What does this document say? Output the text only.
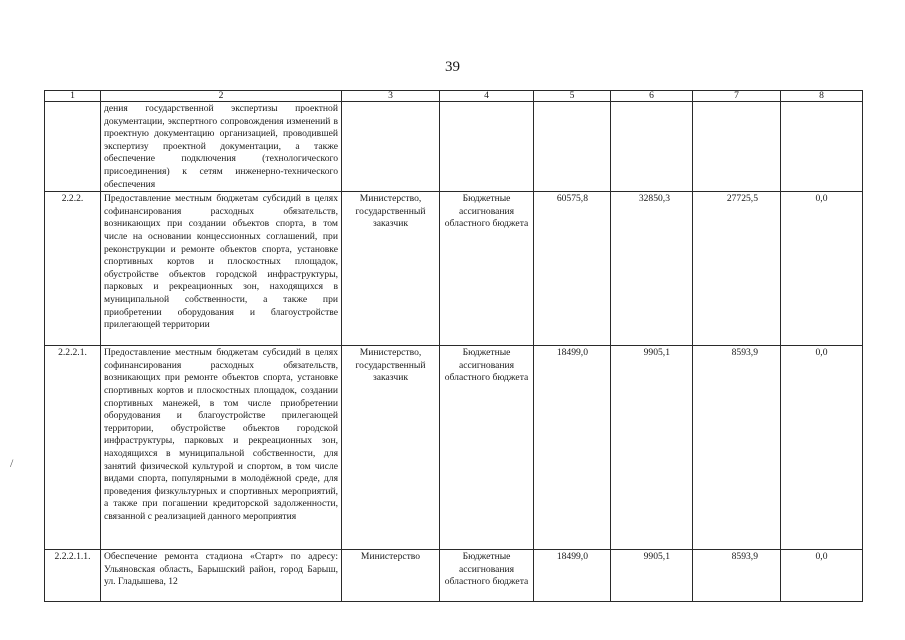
39
/
1	2	3	4	5	6	7	8
	дения государственной экспертизы проектной документации, экспертного сопровождения изменений в проектную документацию организацией, проводившей экспертизу проектной документации, а также обеспечение подключения (технологического присоединения) к сетям инженерно-технического обеспечения						
2.2.2.	Предоставление местным бюджетам субсидий в целях софинансирования расходных обязательств, возникающих при создании объектов спорта, в том числе на основании концессионных соглашений, при реконструкции и ремонте объектов спорта, установке спортивных кортов и плоскостных площадок, обустройстве объектов городской инфраструктуры, парковых и рекреационных зон, находящихся в муниципальной собственности, а также при приобретении оборудования и благоустройстве прилегающей территории	Министерство, государственный заказчик	Бюджетные ассигнования областного бюджета	60575,8	32850,3	27725,5	0,0
2.2.2.1.	Предоставление местным бюджетам субсидий в целях софинансирования расходных обязательств, возникающих при ремонте объектов спорта, установке спортивных кортов и плоскостных площадок, создании спортивных манежей, в том числе приобретении оборудования и благоустройстве прилегающей территории, обустройстве объектов городской инфраструктуры, парковых и рекреационных зон, находящихся в муниципальной собственности, для занятий физической культурой и спортом, в том числе видами спорта, популярными в молодёжной среде, для проведения физкультурных и спортивных мероприятий, а также при погашении кредиторской задолженности, связанной с реализацией данного мероприятия	Министерство, государственный заказчик	Бюджетные ассигнования областного бюджета	18499,0	9905,1	8593,9	0,0
2.2.2.1.1.	Обеспечение ремонта стадиона «Старт» по адресу: Ульяновская область, Барышский район, город Барыш, ул. Гладышева, 12	Министерство	Бюджетные ассигнования областного бюджета	18499,0	9905,1	8593,9	0,0
